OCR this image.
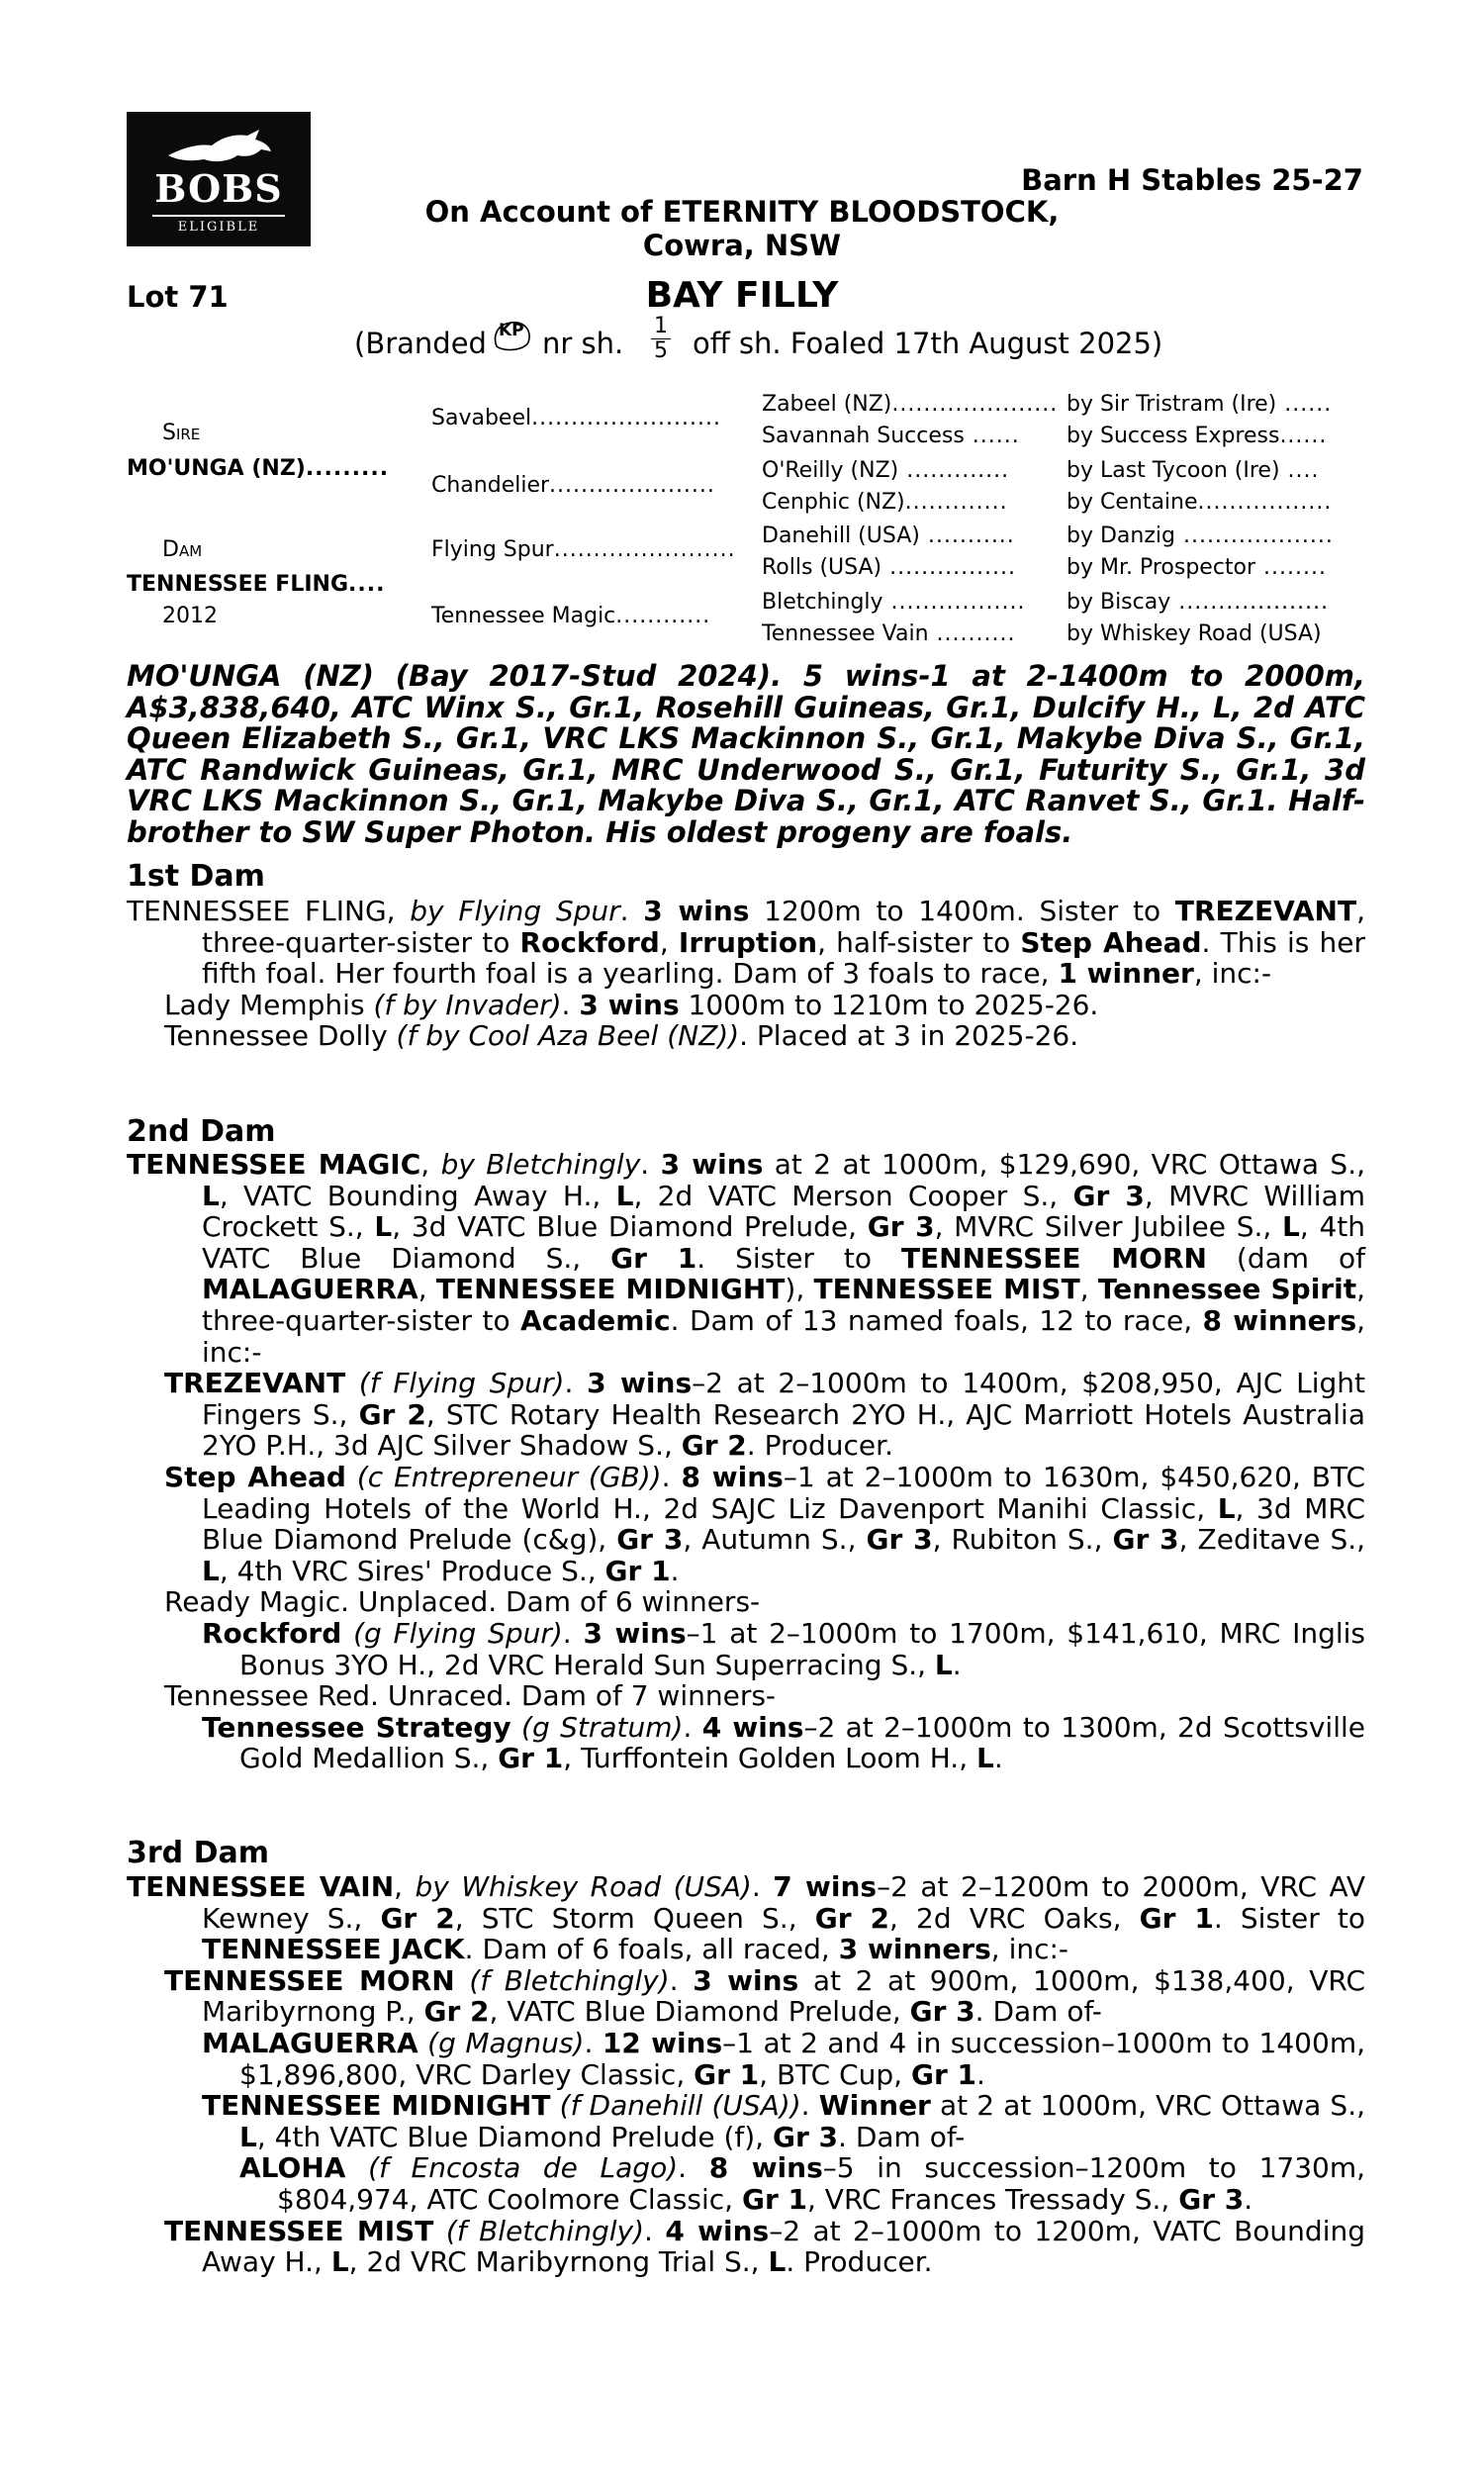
BOBS
ELIGIBLE
Barn H Stables 25-27
On Account of ETERNITY BLOODSTOCK,
Cowra, NSW
Lot 71	BAY FILLY
(Branded KP nr sh. $\frac{1}{5}$ off sh. Foaled 17th August 2025)
Sire
MO'UNGA (NZ).........
Dam
TENNESSEE FLING....
2012
Savabeel........................
Chandelier.....................
Flying Spur.......................
Tennessee Magic............
Zabeel (NZ).....................
Savannah Success ......
O'Reilly (NZ) .............
Cenphic (NZ).............
Danehill (USA) ...........
Rolls (USA) ................
Bletchingly .................
Tennessee Vain ..........
by Sir Tristram (Ire) ......
by Success Express......
by Last Tycoon (Ire) ....
by Centaine.................
by Danzig ...................
by Mr. Prospector ........
by Biscay ...................
by Whiskey Road (USA)
MO'UNGA (NZ) (Bay 2017-Stud 2024). 5 wins-1 at 2-1400m to 2000m, A$3,838,640, ATC Winx S., Gr.1, Rosehill Guineas, Gr.1, Dulcify H., L, 2d ATC Queen Elizabeth S., Gr.1, VRC LKS Mackinnon S., Gr.1, Makybe Diva S., Gr.1, ATC Randwick Guineas, Gr.1, MRC Underwood S., Gr.1, Futurity S., Gr.1, 3d VRC LKS Mackinnon S., Gr.1, Makybe Diva S., Gr.1, ATC Ranvet S., Gr.1. Half-brother to SW Super Photon. His oldest progeny are foals.
1st Dam

TENNESSEE FLING, by Flying Spur. 3 wins 1200m to 1400m. Sister to TREZEVANT, three-quarter-sister to Rockford, Irruption, half-sister to Step Ahead. This is her fifth foal. Her fourth foal is a yearling. Dam of 3 foals to race, 1 winner, inc:-

Lady Memphis (f by Invader). 3 wins 1000m to 1210m to 2025-26.

Tennessee Dolly (f by Cool Aza Beel (NZ)). Placed at 3 in 2025-26.

2nd Dam

TENNESSEE MAGIC, by Bletchingly. 3 wins at 2 at 1000m, $129,690, VRC Ottawa S., L, VATC Bounding Away H., L, 2d VATC Merson Cooper S., Gr 3, MVRC William Crockett S., L, 3d VATC Blue Diamond Prelude, Gr 3, MVRC Silver Jubilee S., L, 4th VATC Blue Diamond S., Gr 1. Sister to TENNESSEE MORN (dam of MALAGUERRA, TENNESSEE MIDNIGHT), TENNESSEE MIST, Tennessee Spirit, three-quarter-sister to Academic. Dam of 13 named foals, 12 to race, 8 winners, inc:-

TREZEVANT (f Flying Spur). 3 wins–2 at 2–1000m to 1400m, $208,950, AJC Light Fingers S., Gr 2, STC Rotary Health Research 2YO H., AJC Marriott Hotels Australia 2YO P.H., 3d AJC Silver Shadow S., Gr 2. Producer.

Step Ahead (c Entrepreneur (GB)). 8 wins–1 at 2–1000m to 1630m, $450,620, BTC Leading Hotels of the World H., 2d SAJC Liz Davenport Manihi Classic, L, 3d MRC Blue Diamond Prelude (c&g), Gr 3, Autumn S., Gr 3, Rubiton S., Gr 3, Zeditave S., L, 4th VRC Sires' Produce S., Gr 1.

Ready Magic. Unplaced. Dam of 6 winners-

Rockford (g Flying Spur). 3 wins–1 at 2–1000m to 1700m, $141,610, MRC Inglis Bonus 3YO H., 2d VRC Herald Sun Superracing S., L.

Tennessee Red. Unraced. Dam of 7 winners-

Tennessee Strategy (g Stratum). 4 wins–2 at 2–1000m to 1300m, 2d Scottsville Gold Medallion S., Gr 1, Turffontein Golden Loom H., L.

3rd Dam

TENNESSEE VAIN, by Whiskey Road (USA). 7 wins–2 at 2–1200m to 2000m, VRC AV Kewney S., Gr 2, STC Storm Queen S., Gr 2, 2d VRC Oaks, Gr 1. Sister to TENNESSEE JACK. Dam of 6 foals, all raced, 3 winners, inc:-

TENNESSEE MORN (f Bletchingly). 3 wins at 2 at 900m, 1000m, $138,400, VRC Maribyrnong P., Gr 2, VATC Blue Diamond Prelude, Gr 3. Dam of-

MALAGUERRA (g Magnus). 12 wins–1 at 2 and 4 in succession–1000m to 1400m, $1,896,800, VRC Darley Classic, Gr 1, BTC Cup, Gr 1.

TENNESSEE MIDNIGHT (f Danehill (USA)). Winner at 2 at 1000m, VRC Ottawa S., L, 4th VATC Blue Diamond Prelude (f), Gr 3. Dam of-

ALOHA (f Encosta de Lago). 8 wins–5 in succession–1200m to 1730m, $804,974, ATC Coolmore Classic, Gr 1, VRC Frances Tressady S., Gr 3.

TENNESSEE MIST (f Bletchingly). 4 wins–2 at 2–1000m to 1200m, VATC Bounding Away H., L, 2d VRC Maribyrnong Trial S., L. Producer.
